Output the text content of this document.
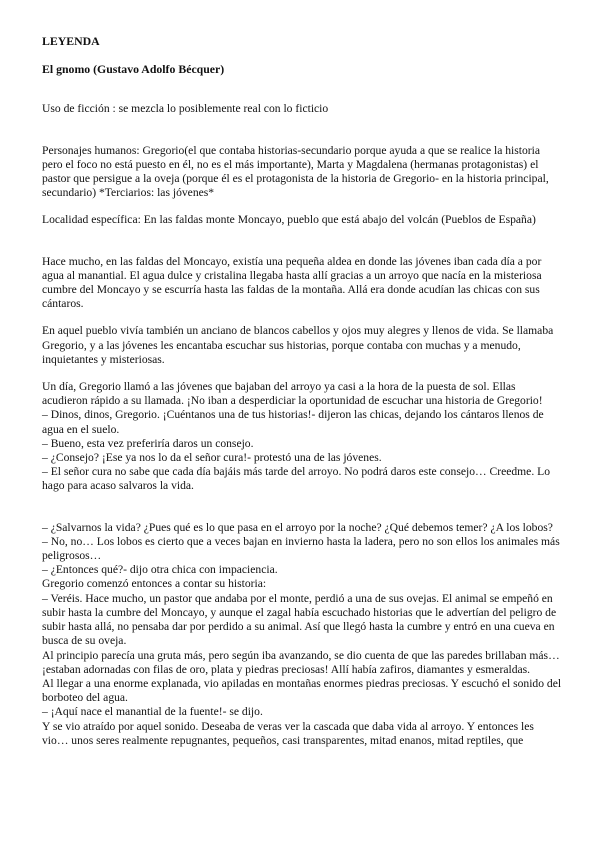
LEYENDA

El gnomo (Gustavo Adolfo Bécquer)

Uso de ficción : se mezcla lo posiblemente real con lo ficticio

Personajes humanos: Gregorio(el que contaba historias-secundario porque ayuda a que se realice la historia pero el foco no está puesto en él, no es el más importante), Marta y Magdalena (hermanas protagonistas) el pastor que persigue a la oveja (porque él es el protagonista de la historia de Gregorio- en la historia principal, secundario) *Terciarios: las jóvenes*

Localidad específica: En las faldas monte Moncayo, pueblo que está abajo del volcán (Pueblos de España)

Hace mucho, en las faldas del Moncayo, existía una pequeña aldea en donde las jóvenes iban cada día a por agua al manantial. El agua dulce y cristalina llegaba hasta allí gracias a un arroyo que nacía en la misteriosa cumbre del Moncayo y se escurría hasta las faldas de la montaña. Allá era donde acudían las chicas con sus cántaros.

En aquel pueblo vivía también un anciano de blancos cabellos y ojos muy alegres y llenos de vida. Se llamaba Gregorio, y a las jóvenes les encantaba escuchar sus historias, porque contaba con muchas y a menudo, inquietantes y misteriosas.

Un día, Gregorio llamó a las jóvenes que bajaban del arroyo ya casi a la hora de la puesta de sol. Ellas acudieron rápido a su llamada. ¡No iban a desperdiciar la oportunidad de escuchar una historia de Gregorio!
– Dinos, dinos, Gregorio. ¡Cuéntanos una de tus historias!- dijeron las chicas, dejando los cántaros llenos de agua en el suelo.
– Bueno, esta vez preferiría daros un consejo.
– ¿Consejo? ¡Ese ya nos lo da el señor cura!- protestó una de las jóvenes.
– El señor cura no sabe que cada día bajáis más tarde del arroyo. No podrá daros este consejo… Creedme. Lo hago para acaso salvaros la vida.
– ¿Salvarnos la vida? ¿Pues qué es lo que pasa en el arroyo por la noche? ¿Qué debemos temer? ¿A los lobos?
– No, no… Los lobos es cierto que a veces bajan en invierno hasta la ladera, pero no son ellos los animales más peligrosos…
– ¿Entonces qué?- dijo otra chica con impaciencia.
Gregorio comenzó entonces a contar su historia:
– Veréis. Hace mucho, un pastor que andaba por el monte, perdió a una de sus ovejas. El animal se empeñó en subir hasta la cumbre del Moncayo, y aunque el zagal había escuchado historias que le advertían del peligro de subir hasta allá, no pensaba dar por perdido a su animal. Así que llegó hasta la cumbre y entró en una cueva en busca de su oveja.
Al principio parecía una gruta más, pero según iba avanzando, se dio cuenta de que las paredes brillaban más… ¡estaban adornadas con filas de oro, plata y piedras preciosas! Allí había zafiros, diamantes y esmeraldas.
Al llegar a una enorme explanada, vio apiladas en montañas enormes piedras preciosas. Y escuchó el sonido del borboteo del agua.
– ¡Aquí nace el manantial de la fuente!- se dijo.
Y se vio atraído por aquel sonido. Deseaba de veras ver la cascada que daba vida al arroyo. Y entonces les vio… unos seres realmente repugnantes, pequeños, casi transparentes, mitad enanos, mitad reptiles, que
